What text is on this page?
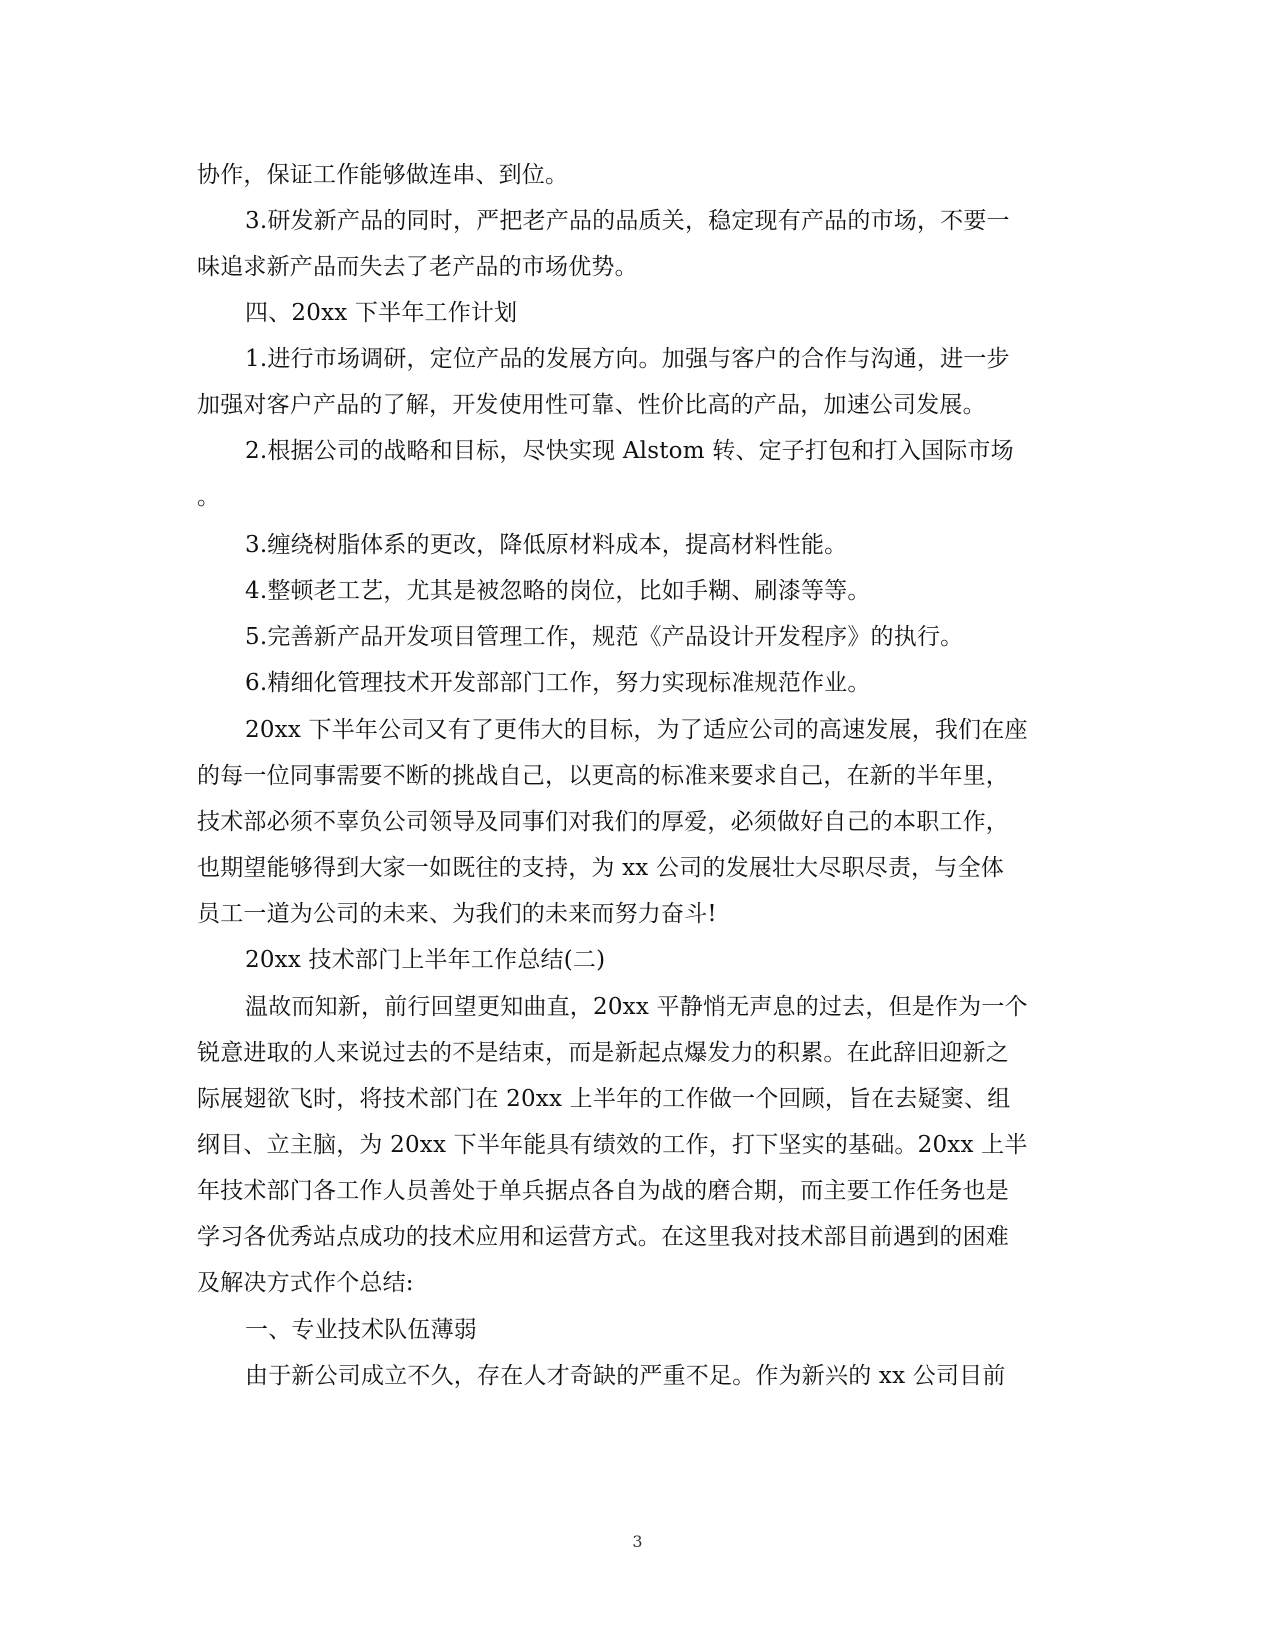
协作，保证工作能够做连串、到位。
3.研发新产品的同时，严把老产品的品质关，稳定现有产品的市场，不要一
味追求新产品而失去了老产品的市场优势。
四、20xx 下半年工作计划
1.进行市场调研，定位产品的发展方向。加强与客户的合作与沟通，进一步
加强对客户产品的了解，开发使用性可靠、性价比高的产品，加速公司发展。
2.根据公司的战略和目标，尽快实现 Alstom 转、定子打包和打入国际市场
。
3.缠绕树脂体系的更改，降低原材料成本，提高材料性能。
4.整顿老工艺，尤其是被忽略的岗位，比如手糊、刷漆等等。
5.完善新产品开发项目管理工作，规范《产品设计开发程序》的执行。
6.精细化管理技术开发部部门工作，努力实现标准规范作业。
20xx 下半年公司又有了更伟大的目标，为了适应公司的高速发展，我们在座
的每一位同事需要不断的挑战自己，以更高的标准来要求自己，在新的半年里，
技术部必须不辜负公司领导及同事们对我们的厚爱，必须做好自己的本职工作，
也期望能够得到大家一如既往的支持，为 xx 公司的发展壮大尽职尽责，与全体
员工一道为公司的未来、为我们的未来而努力奋斗!
20xx 技术部门上半年工作总结(二)
温故而知新，前行回望更知曲直，20xx 平静悄无声息的过去，但是作为一个
锐意进取的人来说过去的不是结束，而是新起点爆发力的积累。在此辞旧迎新之
际展翅欲飞时，将技术部门在 20xx 上半年的工作做一个回顾，旨在去疑窦、组
纲目、立主脑，为 20xx 下半年能具有绩效的工作，打下坚实的基础。20xx 上半
年技术部门各工作人员善处于单兵据点各自为战的磨合期，而主要工作任务也是
学习各优秀站点成功的技术应用和运营方式。在这里我对技术部目前遇到的困难
及解决方式作个总结:
一、专业技术队伍薄弱
由于新公司成立不久，存在人才奇缺的严重不足。作为新兴的 xx 公司目前
3
